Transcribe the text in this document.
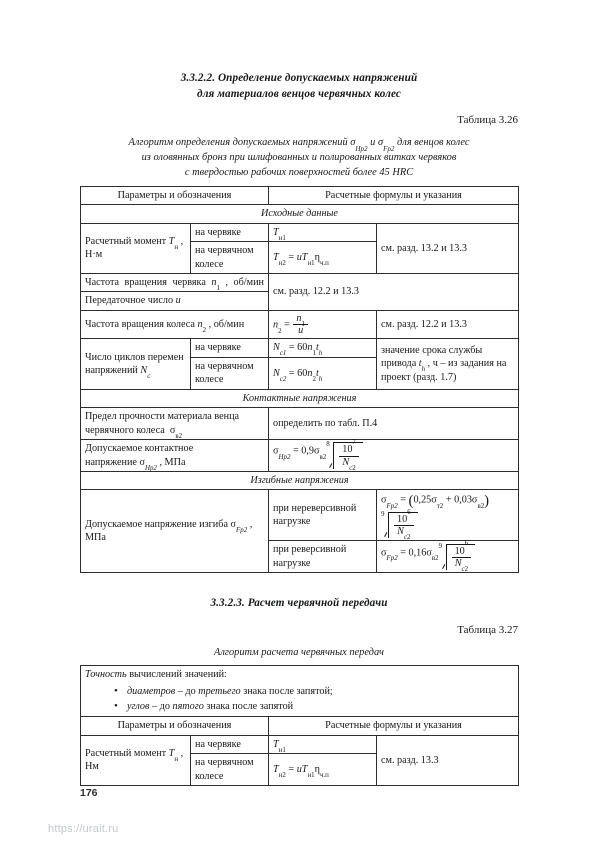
3.3.2.2. Определение допускаемых напряжений
для материалов венцов червячных колес
Таблица 3.26
Алгоритм определения допускаемых напряжений $\sigma_{Hp2}$ и $\sigma_{Fp2}$ для венцов колес
из оловянных бронз при шлифованных и полированных витках червяков
с твердостью рабочих поверхностей более 45 HRC
Параметры и обозначения		Расчетные формулы и указания	
Исходные данные			
Расчетный момент $T_н$ , Н·м	на червяке	$T_{н1}$	см. разд. 13.2 и 13.3
	на червячном колесе	$T_{н2} = uT_{н1}\eta_{ч.п}$
Частота вращения червяка $n_1$ , об/мин		см. разд. 12.2 и 13.3	
Передаточное число u			
Частота вращения колеса $n_2$ , об/мин		$n_2 = \frac{n_1}{u}$	см. разд. 12.2 и 13.3
Число циклов перемен напряжений $N_c$	на червяке	$N_{c1} = 60n_1t_h$	значение срока службы привода $t_h$ , ч – из задания на проект (разд. 1.7)
	на червячном колесе	$N_{c2} = 60n_2t_h$
Контактные напряжения			
Предел прочности материала венца червячного колеса  $\sigma_{в2}$		определить по табл. П.4	
Допускаемое контактное напряжение $\sigma_{Hp2}$ , МПа		$\sigma_{Hp2} = 0,9\sigma_{в2}$
$8 \frac{10^7}{N_{c2}}$

Изгибные напряжения			
Допускаемое напряжение изгиба $\sigma_{Fp2}$ , МПа		при нереверсивной нагрузке	$\sigma_{Fp2} = (0,25\sigma_{т2} + 0,03\sigma_{в2})$
$9 \frac{10^6}{N_{c2}}$

		при реверсивной нагрузке	$\sigma_{Fp2} = 0,16\sigma_{в2}$
$9 \frac{10^6}{N_{c2}}$
3.3.2.3. Расчет червячной передачи
Таблица 3.27
Алгоритм расчета червячных передач
Точность вычислений значений:
• диаметров – до третьего знака после запятой;
• углов – до пятого знака после запятой

Параметры и обозначения		Расчетные формулы и указания	
Расчетный момент $T_н$ , Нм	на червяке	$T_{н1}$	см. разд. 13.3
	на червячном колесе	$T_{н2} = uT_{н1}\eta_{ч.п}$
176
https://urait.ru
